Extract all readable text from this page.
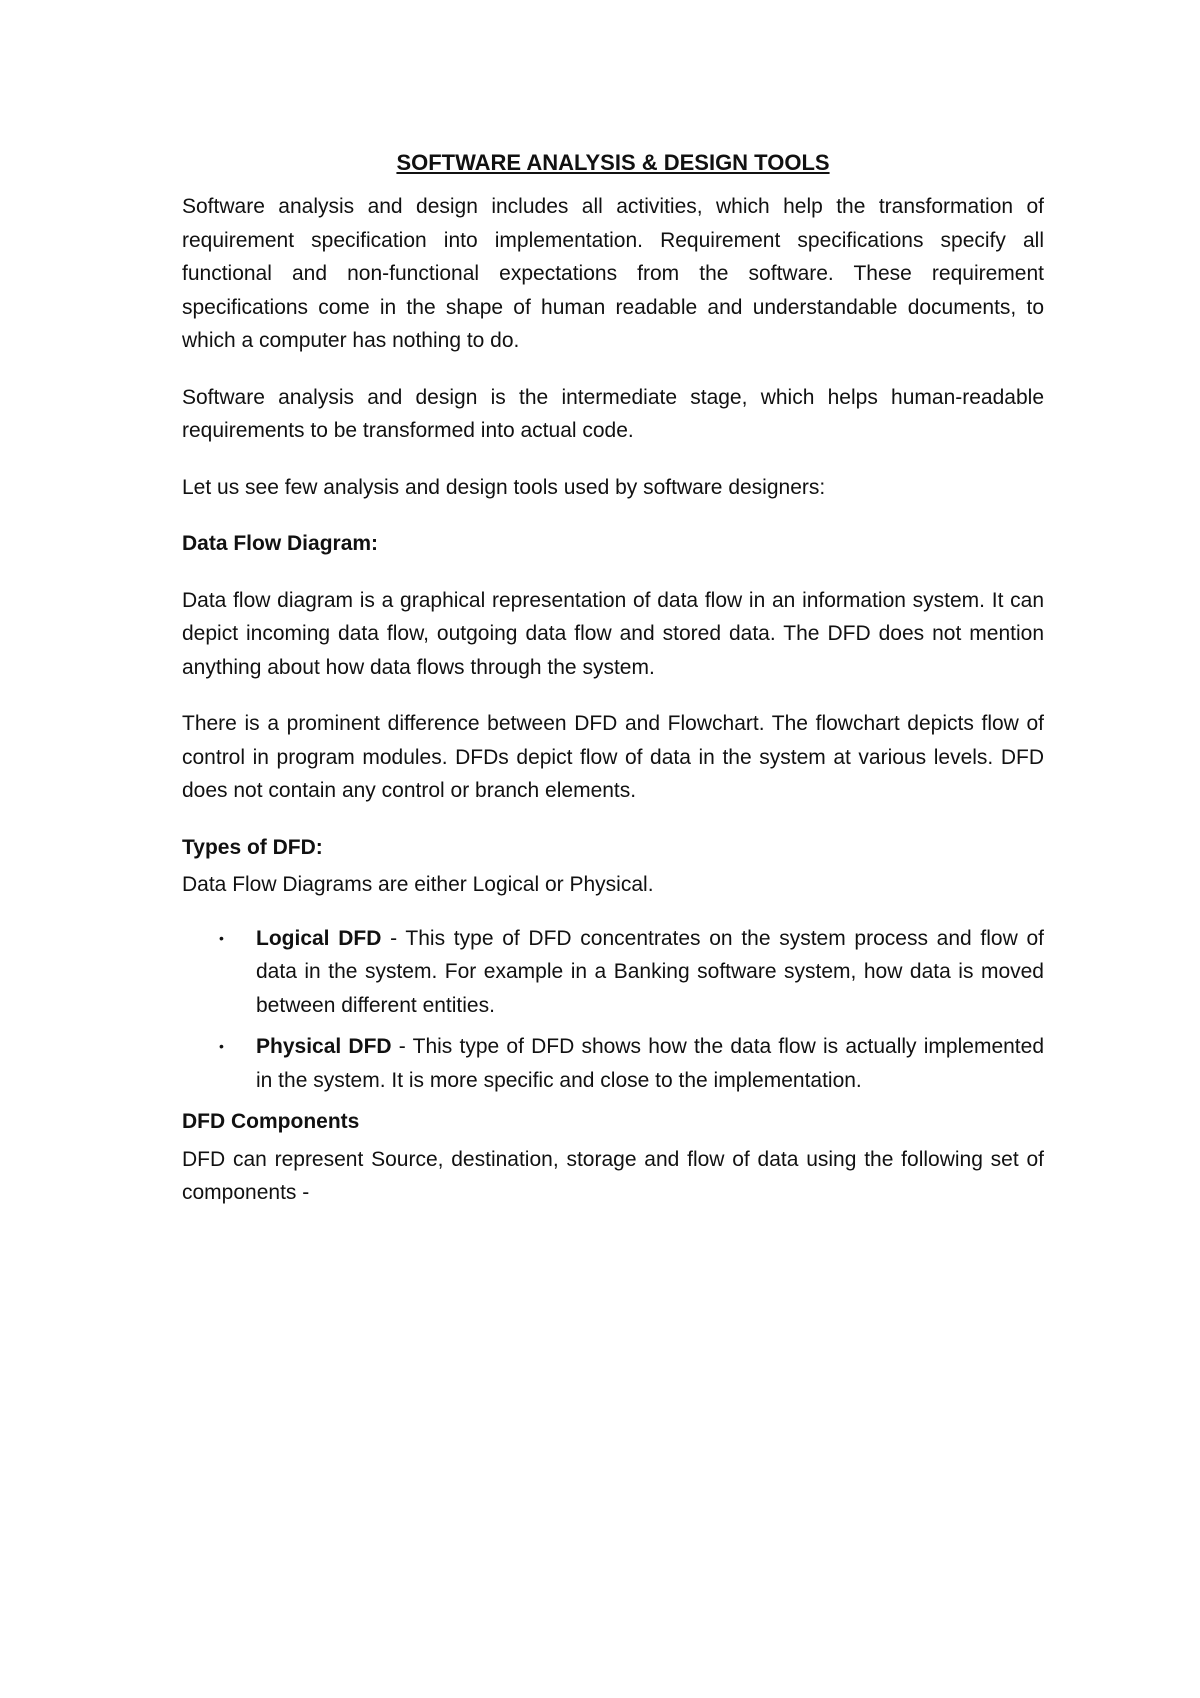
SOFTWARE ANALYSIS & DESIGN TOOLS

Software analysis and design includes all activities, which help the transformation of requirement specification into implementation. Requirement specifications specify all functional and non-functional expectations from the software. These requirement specifications come in the shape of human readable and understandable documents, to which a computer has nothing to do.

Software analysis and design is the intermediate stage, which helps human-readable requirements to be transformed into actual code.

Let us see few analysis and design tools used by software designers:

Data Flow Diagram:

Data flow diagram is a graphical representation of data flow in an information system. It can depict incoming data flow, outgoing data flow and stored data. The DFD does not mention anything about how data flows through the system.

There is a prominent difference between DFD and Flowchart. The flowchart depicts flow of control in program modules. DFDs depict flow of data in the system at various levels. DFD does not contain any control or branch elements.

Types of DFD:

Data Flow Diagrams are either Logical or Physical.

• Logical DFD - This type of DFD concentrates on the system process and flow of data in the system. For example in a Banking software system, how data is moved between different entities.
• Physical DFD - This type of DFD shows how the data flow is actually implemented in the system. It is more specific and close to the implementation.
DFD Components

DFD can represent Source, destination, storage and flow of data using the following set of components -
